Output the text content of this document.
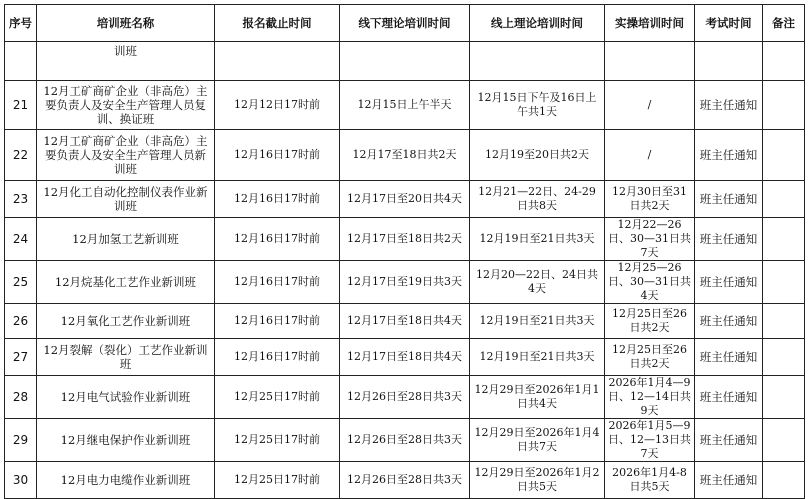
序号	培训班名称	报名截止时间	线下理论培训时间	线上理论培训时间	实操培训时间	考试时间	备注
	训班						
21	12月工矿商矿企业（非高危）主要负责人及安全生产管理人员复训、换证班	12月12日17时前	12月15日上午半天	12月15日下午及16日上午共1天	/	班主任通知	
22	12月工矿商矿企业（非高危）主要负责人及安全生产管理人员新训班	12月16日17时前	12月17至18日共2天	12月19至20日共2天	/	班主任通知	
23	12月化工自动化控制仪表作业新训班	12月16日17时前	12月17日至20日共4天	12月21—22日、24-29日共8天	12月30日至31日共2天	班主任通知	
24	12月加氢工艺新训班	12月16日17时前	12月17日至18日共2天	12月19日至21日共3天	12月22—26日、30—31日共7天	班主任通知	
25	12月烷基化工艺作业新训班	12月16日17时前	12月17日至19日共3天	12月20—22日、24日共4天	12月25—26日、30—31日共4天	班主任通知	
26	12月氧化工艺作业新训班	12月16日17时前	12月17日至18日共4天	12月19日至21日共3天	12月25日至26日共2天	班主任通知	
27	12月裂解（裂化）工艺作业新训班	12月16日17时前	12月17日至18日共4天	12月19日至21日共3天	12月25日至26日共2天	班主任通知	
28	12月电气试验作业新训班	12月25日17时前	12月26日至28日共3天	12月29日至2026年1月1日共4天	2026年1月4—9日、12—14日共9天	班主任通知	
29	12月继电保护作业新训班	12月25日17时前	12月26日至28日共3天	12月29日至2026年1月4日共7天	2026年1月5—9日、12—13日共7天	班主任通知	
30	12月电力电缆作业新训班	12月25日17时前	12月26日至28日共3天	12月29日至2026年1月2日共5天	2026年1月4-8日共5天	班主任通知	
